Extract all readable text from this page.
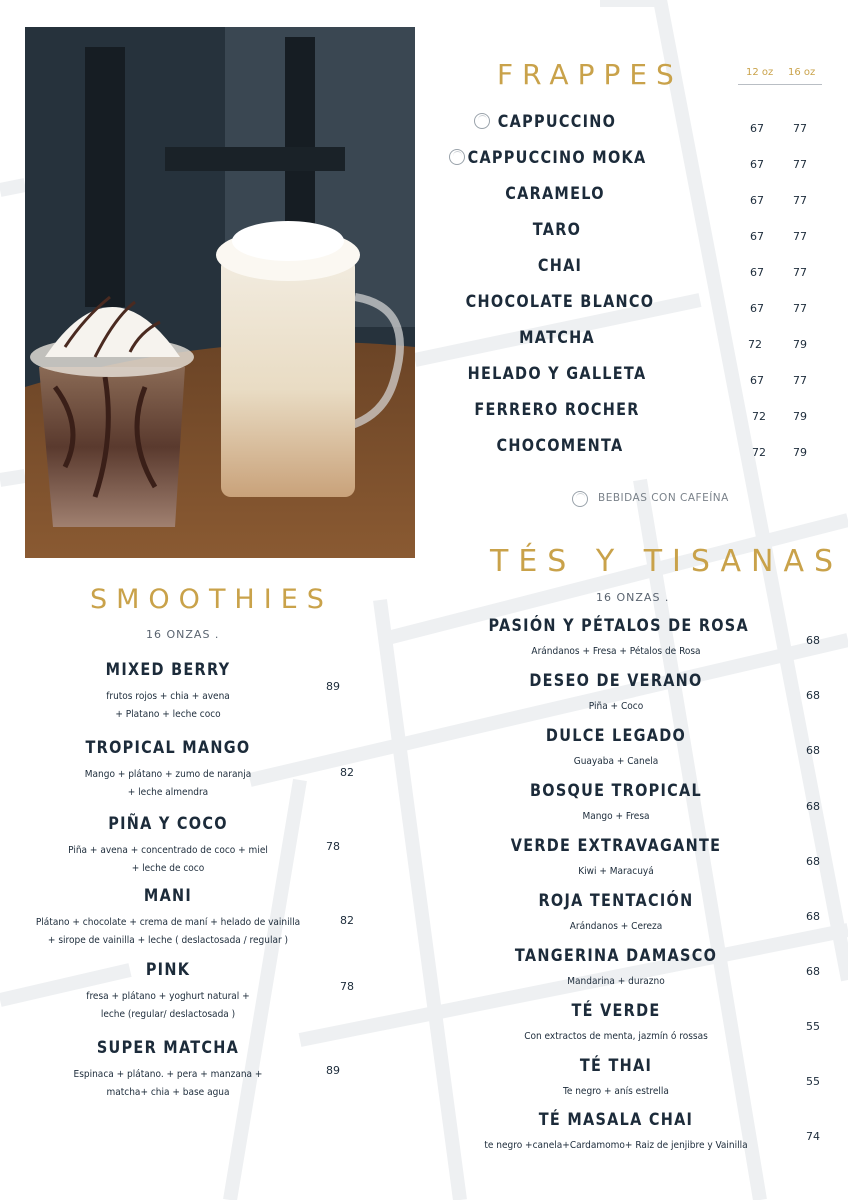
FRAPPES	12 oz 16 oz
CAPPUCCINO	67	77
CAPPUCCINO MOKA	67	77
CARAMELO	67	77
TARO	67	77
CHAI	67	77
CHOCOLATE BLANCO	67	77
MATCHA	72	79
HELADO Y GALLETA	67	77
FERRERO ROCHER	72 79
CHOCOMENTA	72 79
BEBIDAS CON CAFEÍNA
SMOOTHIES
16 ONZAS .
MIXED BERRY
frutos rojos + chia + avena
+ Platano + leche coco
89
TROPICAL MANGO
Mango + plátano + zumo de naranja
+ leche almendra
82
PIÑA Y COCO
Piña + avena + concentrado de coco + miel
+ leche de coco
78
MANI
Plátano + chocolate + crema de maní + helado de vainilla
+ sirope de vainilla + leche ( deslactosada / regular )
82
PINK
fresa + plátano + yoghurt natural +
leche (regular/ deslactosada )
78
SUPER MATCHA
Espinaca + plátano. + pera + manzana +
matcha+ chia + base agua
89
TÉS Y TISANAS
16 ONZAS .
PASIÓN Y PÉTALOS DE ROSA
Arándanos + Fresa + Pétalos de Rosa
68
DESEO DE VERANO
Piña + Coco
68
DULCE LEGADO
Guayaba + Canela
68
BOSQUE TROPICAL
Mango + Fresa
68
VERDE EXTRAVAGANTE
Kiwi + Maracuyá
68
ROJA TENTACIÓN
Arándanos + Cereza
68
TANGERINA DAMASCO
Mandarina + durazno
68
TÉ VERDE
Con extractos de menta, jazmín ó rossas
55
TÉ THAI
Te negro + anís estrella
55
TÉ MASALA CHAI
te negro +canela+Cardamomo+ Raiz de jenjibre y Vainilla
74
